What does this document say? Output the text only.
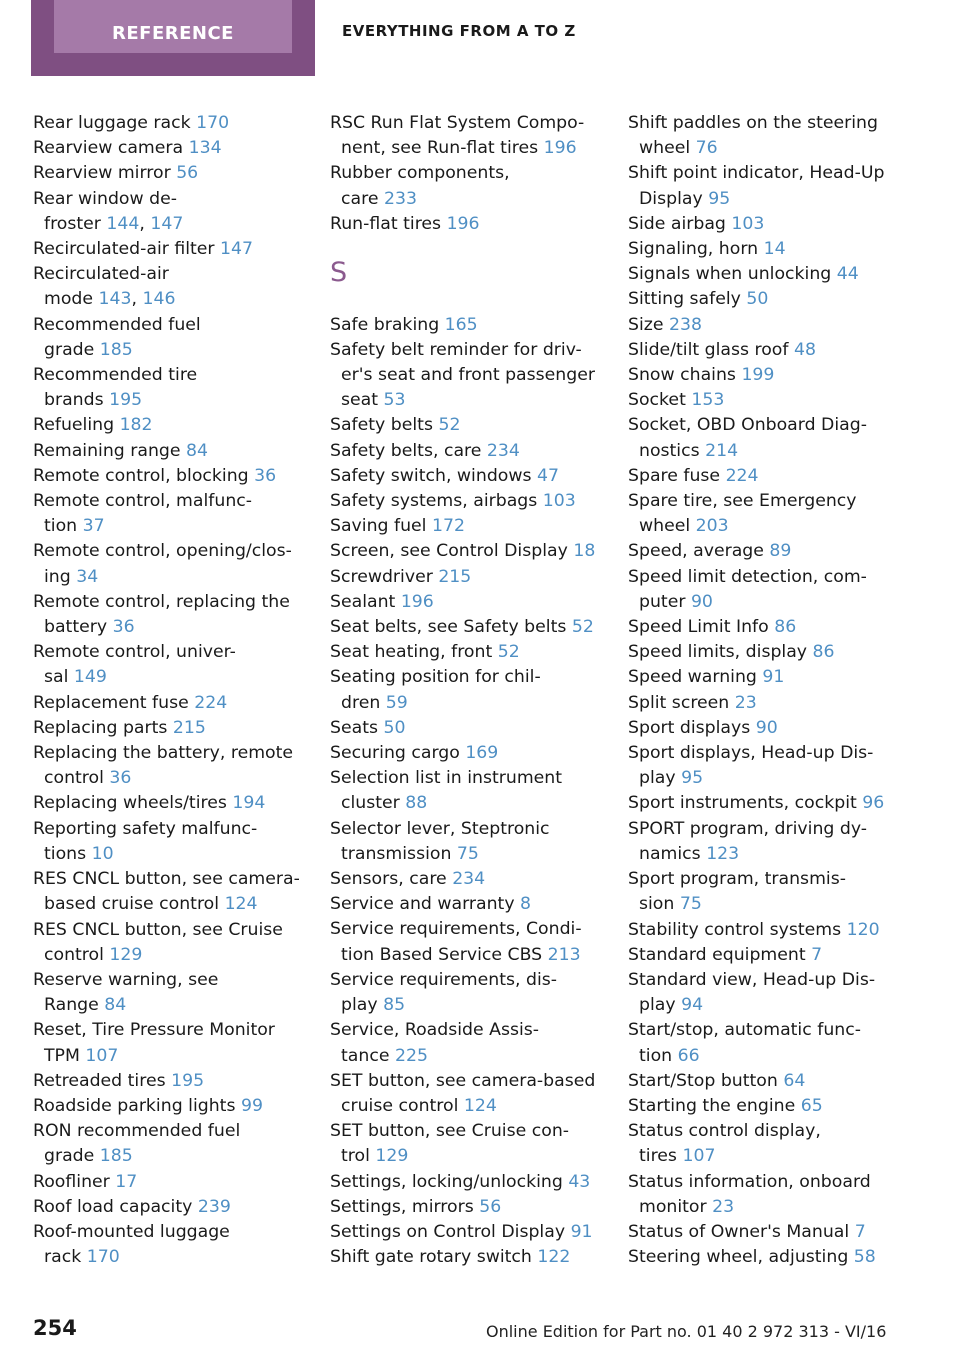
REFERENCE	EVERYTHING FROM A TO Z
Rear luggage rack 170
Rearview camera 134
Rearview mirror 56
Rear window de-
froster 144, 147
Recirculated-air filter 147
Recirculated-air
mode 143, 146
Recommended fuel
grade 185
Recommended tire
brands 195
Refueling 182
Remaining range 84
Remote control, blocking 36
Remote control, malfunc-
tion 37
Remote control, opening/clos-
ing 34
Remote control, replacing the
battery 36
Remote control, univer-
sal 149
Replacement fuse 224
Replacing parts 215
Replacing the battery, remote
control 36
Replacing wheels/tires 194
Reporting safety malfunc-
tions 10
RES CNCL button, see camera-
based cruise control 124
RES CNCL button, see Cruise
control 129
Reserve warning, see
Range 84
Reset, Tire Pressure Monitor
TPM 107
Retreaded tires 195
Roadside parking lights 99
RON recommended fuel
grade 185
Roofliner 17
Roof load capacity 239
Roof-mounted luggage
rack 170
RSC Run Flat System Compo-
nent, see Run-flat tires 196
Rubber components,
care 233
Run-flat tires 196
S
Safe braking 165
Safety belt reminder for driv-
er's seat and front passenger
seat 53
Safety belts 52
Safety belts, care 234
Safety switch, windows 47
Safety systems, airbags 103
Saving fuel 172
Screen, see Control Display 18
Screwdriver 215
Sealant 196
Seat belts, see Safety belts 52
Seat heating, front 52
Seating position for chil-
dren 59
Seats 50
Securing cargo 169
Selection list in instrument
cluster 88
Selector lever, Steptronic
transmission 75
Sensors, care 234
Service and warranty 8
Service requirements, Condi-
tion Based Service CBS 213
Service requirements, dis-
play 85
Service, Roadside Assis-
tance 225
SET button, see camera-based
cruise control 124
SET button, see Cruise con-
trol 129
Settings, locking/unlocking 43
Settings, mirrors 56
Settings on Control Display 91
Shift gate rotary switch 122
Shift paddles on the steering
wheel 76
Shift point indicator, Head-Up
Display 95
Side airbag 103
Signaling, horn 14
Signals when unlocking 44
Sitting safely 50
Size 238
Slide/tilt glass roof 48
Snow chains 199
Socket 153
Socket, OBD Onboard Diag-
nostics 214
Spare fuse 224
Spare tire, see Emergency
wheel 203
Speed, average 89
Speed limit detection, com-
puter 90
Speed Limit Info 86
Speed limits, display 86
Speed warning 91
Split screen 23
Sport displays 90
Sport displays, Head-up Dis-
play 95
Sport instruments, cockpit 96
SPORT program, driving dy-
namics 123
Sport program, transmis-
sion 75
Stability control systems 120
Standard equipment 7
Standard view, Head-up Dis-
play 94
Start/stop, automatic func-
tion 66
Start/Stop button 64
Starting the engine 65
Status control display,
tires 107
Status information, onboard
monitor 23
Status of Owner's Manual 7
Steering wheel, adjusting 58
254	Online Edition for Part no. 01 40 2 972 313 - VI/16
